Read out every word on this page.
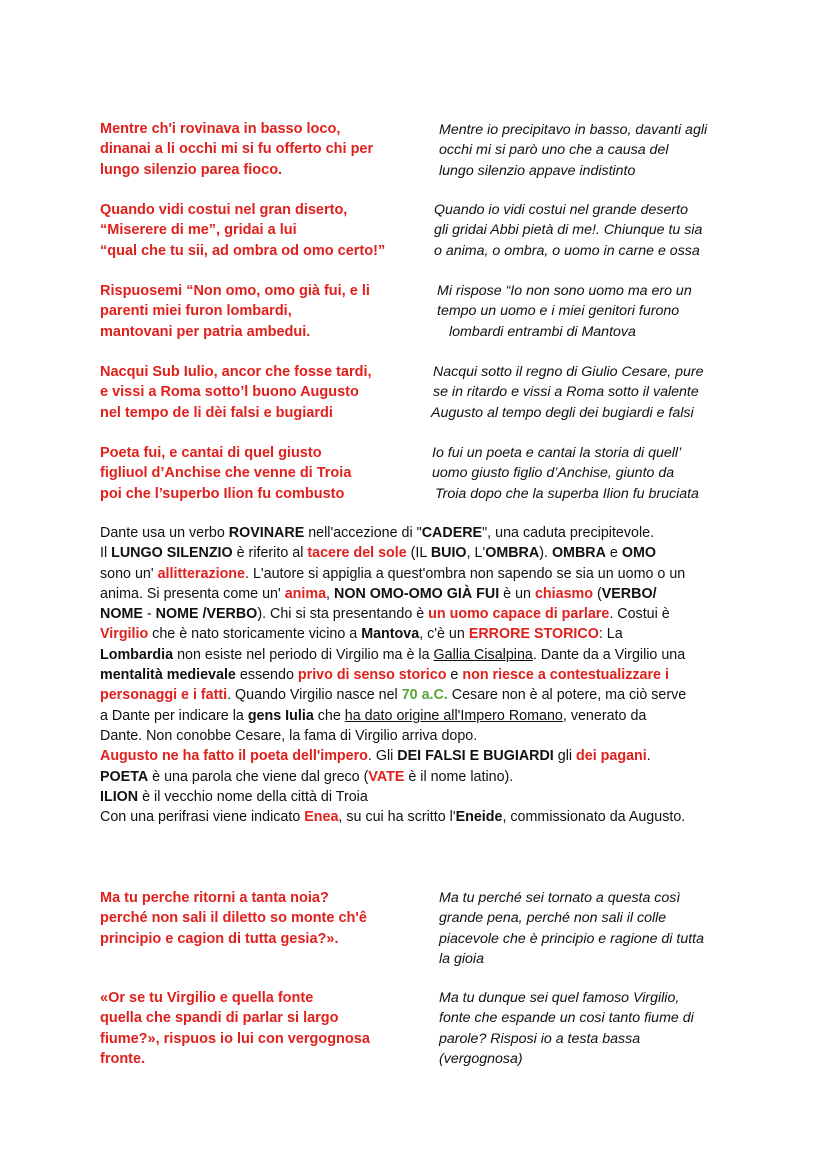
Mentre ch'i rovinava in basso loco,
dinanai a li occhi mi si fu offerto chi per
lungo silenzio parea fioco.
Mentre io precipitavo in basso, davanti agli
occhi mi si parò uno che a causa del
lungo silenzio appave indistinto
Quando vidi costui nel gran diserto,
“Miserere di me”, gridai a lui
“qual che tu sii, ad ombra od omo certo!”
Quando io vidi costui nel grande deserto
gli gridai Abbi pietà di me!. Chiunque tu sia
o anima, o ombra, o uomo in carne e ossa
Rispuosemi “Non omo, omo già fui, e li
parenti miei furon lombardi,
mantovani per patria ambedui.
Mi rispose “Io non sono uomo ma ero un
tempo un uomo e i miei genitori furono
lombardi entrambi di Mantova
Nacqui Sub Iulio, ancor che fosse tardi,
e vissi a Roma sotto’l buono Augusto
nel tempo de li dèi falsi e bugiardi
Nacqui sotto il regno di Giulio Cesare, pure
se in ritardo e vissi a Roma sotto il valente
Augusto al tempo degli dei bugiardi e falsi
Poeta fui, e cantai di quel giusto
figliuol d’Anchise che venne di Troia
poi che l’superbo Ilion fu combusto
Io fui un poeta e cantai la storia di quell’
uomo giusto figlio d’Anchise, giunto da
Troia dopo che la superba Ilion fu bruciata

Dante usa un verbo ROVINARE nell'accezione di "CADERE", una caduta precipitevole.

Il LUNGO SILENZIO è riferito al tacere del sole (IL BUIO, L'OMBRA). OMBRA e OMO

sono un' allitterazione. L'autore si appiglia a quest'ombra non sapendo se sia un uomo o un

anima. Si presenta come un' anima, NON OMO-OMO GIÀ FUI è un chiasmo (VERBO/

NOME - NOME /VERBO). Chi si sta presentando è un uomo capace di parlare. Costui è

Virgilio che è nato storicamente vicino a Mantova, c'è un ERRORE STORICO: La

Lombardia non esiste nel periodo di Virgilio ma è la Gallia Cisalpina. Dante da a Virgilio una

mentalità medievale essendo privo di senso storico e non riesce a contestualizzare i

personaggi e i fatti. Quando Virgilio nasce nel 70 a.C. Cesare non è al potere, ma ciò serve

a Dante per indicare la gens Iulia che ha dato origine all'Impero Romano, venerato da

Dante. Non conobbe Cesare, la fama di Virgilio arriva dopo.

Augusto ne ha fatto il poeta dell'impero. Gli DEI FALSI E BUGIARDI gli dei pagani.

POETA è una parola che viene dal greco (VATE è il nome latino).

ILION è il vecchio nome della città di Troia

Con una perifrasi viene indicato Enea, su cui ha scritto l'Eneide, commissionato da Augusto.

Ma tu perche ritorni a tanta noia?
perché non sali il diletto so monte ch'ê
principio e cagion di tutta gesia?».
Ma tu perché sei tornato a questa così
grande pena, perché non sali il colle
piacevole che è principio e ragione di tutta
la gioia
«Or se tu Virgilio e quella fonte
quella che spandi di parlar si largo
fiume?», rispuos io lui con vergognosa
fronte.
Ma tu dunque sei quel famoso Virgilio,
fonte che espande un cosi tanto fiume di
parole? Risposi io a testa bassa
(vergognosa)
